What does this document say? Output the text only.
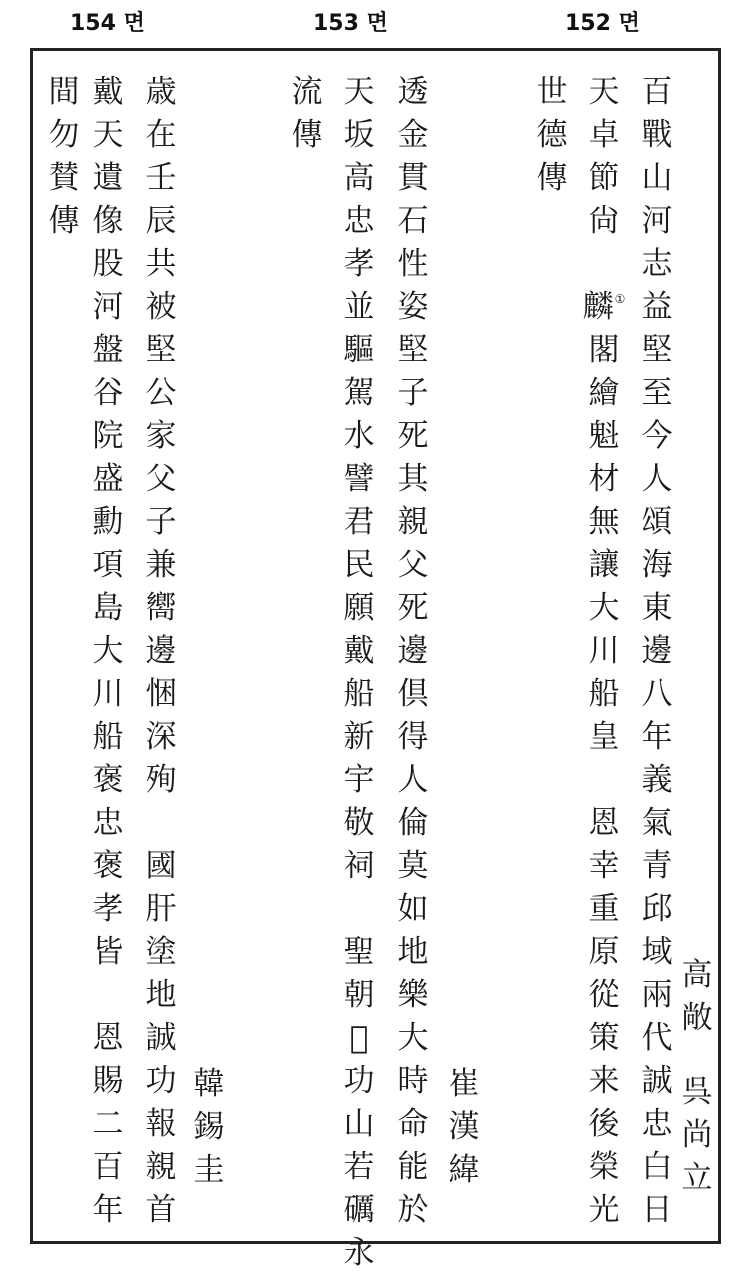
154 면	153 면	152 면
間
勿
賛
傳
戴
天
遺
像
股
河
盤
谷
院
盛
勳
項
島
大
川
船
褒
忠
褒
孝
皆
恩
賜
二
百
年
歳
在
壬
辰
共
被
堅
公
家
父
子
兼
嚮
邊
悃
深
殉
國
肝
塗
地
誠
功
報
親
首
韓
錫
圭
流
傳
天
坂
高
忠
孝
並
驅
駕
水
譬
君
民
願
戴
船
新
宇
敬
祠
聖
朝
𣈆
功
山
若
礪
永
透
金
貫
石
性
姿
堅
子
死
其
親
父
死
邊
倶
得
人
倫
莫
如
地
樂
大
時
命
能
於
崔
漢
緯
世
德
傳
天
卓
節
尙
麟①
閣
繪
魁
材
無
讓
大
川
船
皇
恩
幸
重
原
從
策
来
後
榮
光
百
戰
山
河
志
益
堅
至
今
人
頌
海
東
邊
八
年
義
氣
青
邱
域
兩
代
誠
忠
白
日
高
敞
呉
尚
立
